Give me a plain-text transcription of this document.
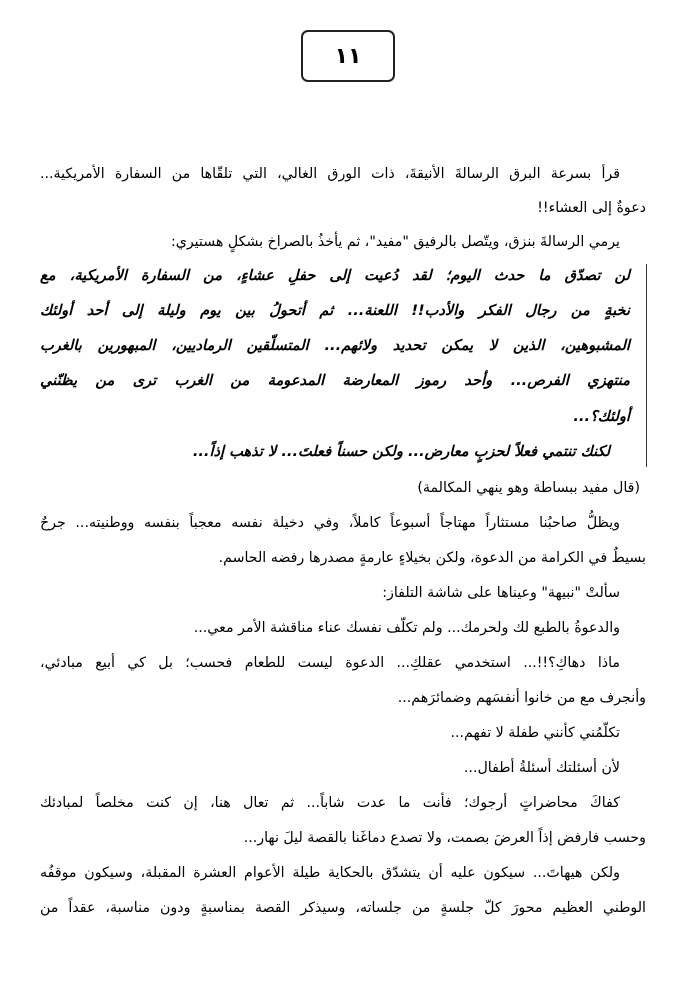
١١
قرأ بسرعة البرق الرسالةَ الأنيقةَ، ذات الورق الغالي، التي تلقّاها من السفارة الأمريكية...
دعوةٌ إلى العشاء!!
يرمي الرسالةَ بنزق، ويتّصل بالرفيق "مفيد"، ثم يأخذُ بالصراخ بشكلٍ هستيري:
لن تصدّق ما حدث اليوم؛ لقد دُعيت إلى حفلِ عشاءٍ، من السفارة الأمريكية، مع
نخبةٍ من رجال الفكر والأدب!! اللعنة... ثم أتحولُ بين يوم وليلة إلى أحد أولئك
المشبوهين، الذين لا يمكن تحديد ولائهم... المتسلّقين الرماديين، المبهورين بالغرب
منتهزي الفرص... وأحد رموز المعارضة المدعومة من الغرب ترى من يظنّني
أولئك؟...
لكنك تنتمي فعلاً لحزبٍ معارض... ولكن حسناً فعلتَ... لا تذهب إذاً...
(قال مفيد ببساطة وهو ينهي المكالمة)
ويظلُّ صاحبُنا مستثاراً مهتاجاً أسبوعاً كاملاً، وفي دخيلة نفسه معجباً بنفسه ووطنيته... جرحٌ
بسيطٌ في الكرامة من الدعوة، ولكن بخيلاءٍ عارمةٍ مصدرها رفضه الحاسم.
سألتْ "نبيهة" وعيناها على شاشة التلفاز:
والدعوةُ بالطبع لك ولحرمك... ولم تكلّف نفسك عناء مناقشة الأمر معي...
ماذا دهاكِ؟!!... استخدمي عقلكِ... الدعوة ليست للطعام فحسب؛ بل كي أبيع مبادئي،
وأنجرف مع من خانوا أنفسَهم وضمائرَهم...
تكلّمُني كأنني طفلة لا تفهم...
لأن أسئلتك أسئلةُ أطفال...
كفاكَ محاضراتٍ أرجوك؛ فأنت ما عدت شاباً... ثم تعال هنا، إن كنت مخلصاً لمبادئك
وحسب فارفض إذاً العرضَ بصمت، ولا تصدع دماغَنا بالقصة ليلَ نهار...
ولكن هيهاتَ... سيكون عليه أن يتشدّق بالحكاية طيلة الأعوام العشرة المقبلة، وسيكون موقفُه
الوطني العظيم محورَ كلّ جلسةٍ من جلساته، وسيذكر القصة بمناسبةٍ ودون مناسبة، عقداً من
